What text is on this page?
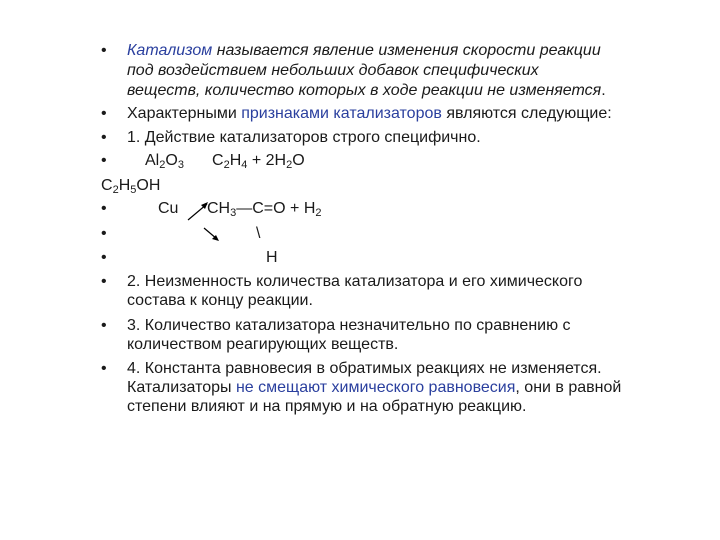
• Катализом называется явление изменения скорости реакции
под воздействием небольших добавок специфических
веществ, количество которых в ходе реакции не изменяется.
• Характерными признаками катализаторов являются следующие:
• 1. Действие катализаторов строго специфично.
• $Al_2O_3$ $C_2H_4 + 2H_2O$
$C_2H_5OH$
•	Cu $CH_3—C=O + H_2$
•	\
•	H
• 2. Неизменность количества катализатора и его химического
состава к концу реакции.
• 3. Количество катализатора незначительно по сравнению с
количеством реагирующих веществ.
• 4. Константа равновесия в обратимых реакциях не изменяется.
Катализаторы не смещают химического равновесия, они в равной
степени влияют и на прямую и на обратную реакцию.
